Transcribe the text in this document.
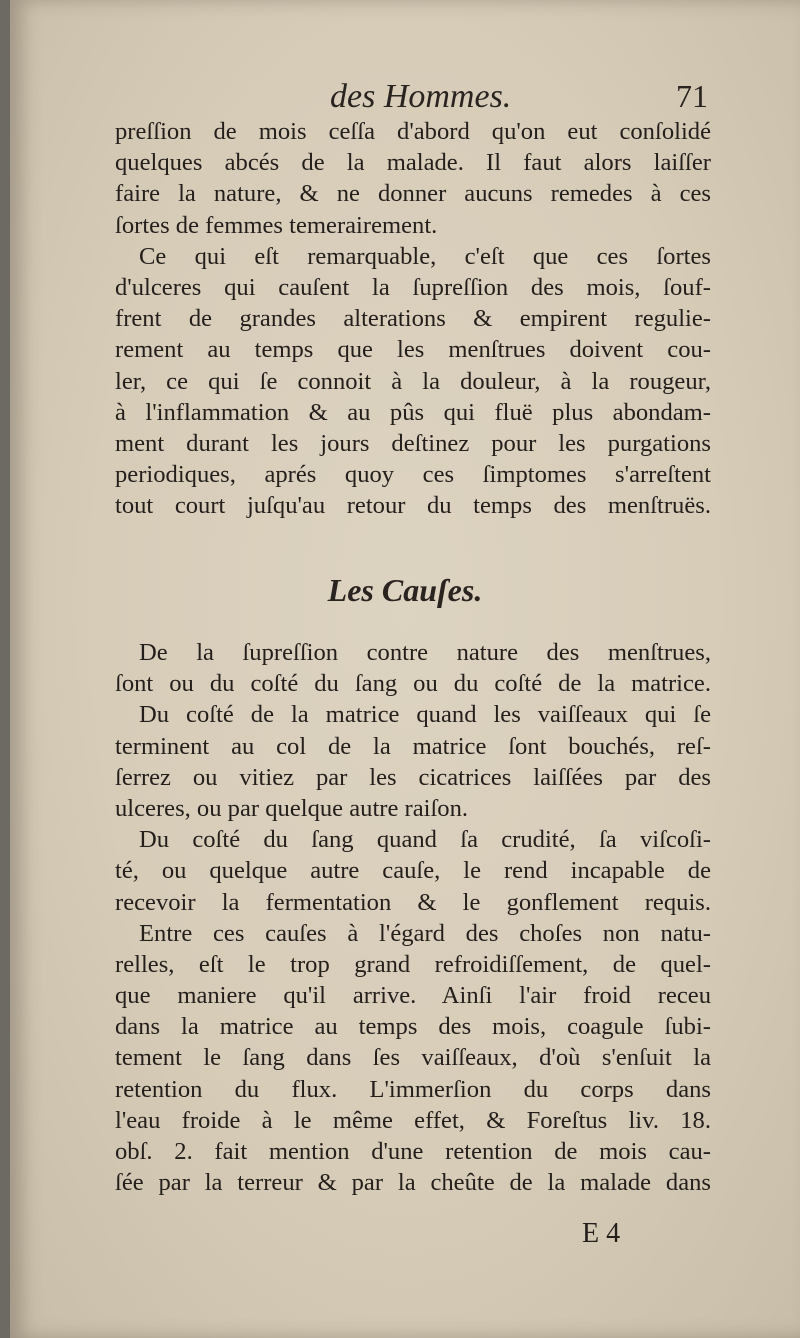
des Hommes.	71
preſſion de mois ceſſa d'abord qu'on eut conſolidé
quelques abcés de la malade. Il faut alors laiſſer
faire la nature, & ne donner aucuns remedes à ces
ſortes de femmes temerairement.
Ce qui eſt remarquable, c'eſt que ces ſortes
d'ulceres qui cauſent la ſupreſſion des mois, ſouf-
frent de grandes alterations & empirent regulie-
rement au temps que les menſtrues doivent cou-
ler, ce qui ſe connoit à la douleur, à la rougeur,
à l'inflammation & au pûs qui fluë plus abondam-
ment durant les jours deſtinez pour les purgations
periodiques, aprés quoy ces ſimptomes s'arreſtent
tout court juſqu'au retour du temps des menſtruës.
Les Cauſes.
De la ſupreſſion contre nature des menſtrues,
ſont ou du coſté du ſang ou du coſté de la matrice.
Du coſté de la matrice quand les vaiſſeaux qui ſe
terminent au col de la matrice ſont bouchés, reſ-
ſerrez ou vitiez par les cicatrices laiſſées par des
ulceres, ou par quelque autre raiſon.
Du coſté du ſang quand ſa crudité, ſa viſcoſi-
té, ou quelque autre cauſe, le rend incapable de
recevoir la fermentation & le gonflement requis.
Entre ces cauſes à l'égard des choſes non natu-
relles, eſt le trop grand refroidiſſement, de quel-
que maniere qu'il arrive. Ainſi l'air froid receu
dans la matrice au temps des mois, coagule ſubi-
tement le ſang dans ſes vaiſſeaux, d'où s'enſuit la
retention du flux. L'immerſion du corps dans
l'eau froide à le même effet, & Foreſtus liv. 18.
obſ. 2. fait mention d'une retention de mois cau-
ſée par la terreur & par la cheûte de la malade dans
E 4
